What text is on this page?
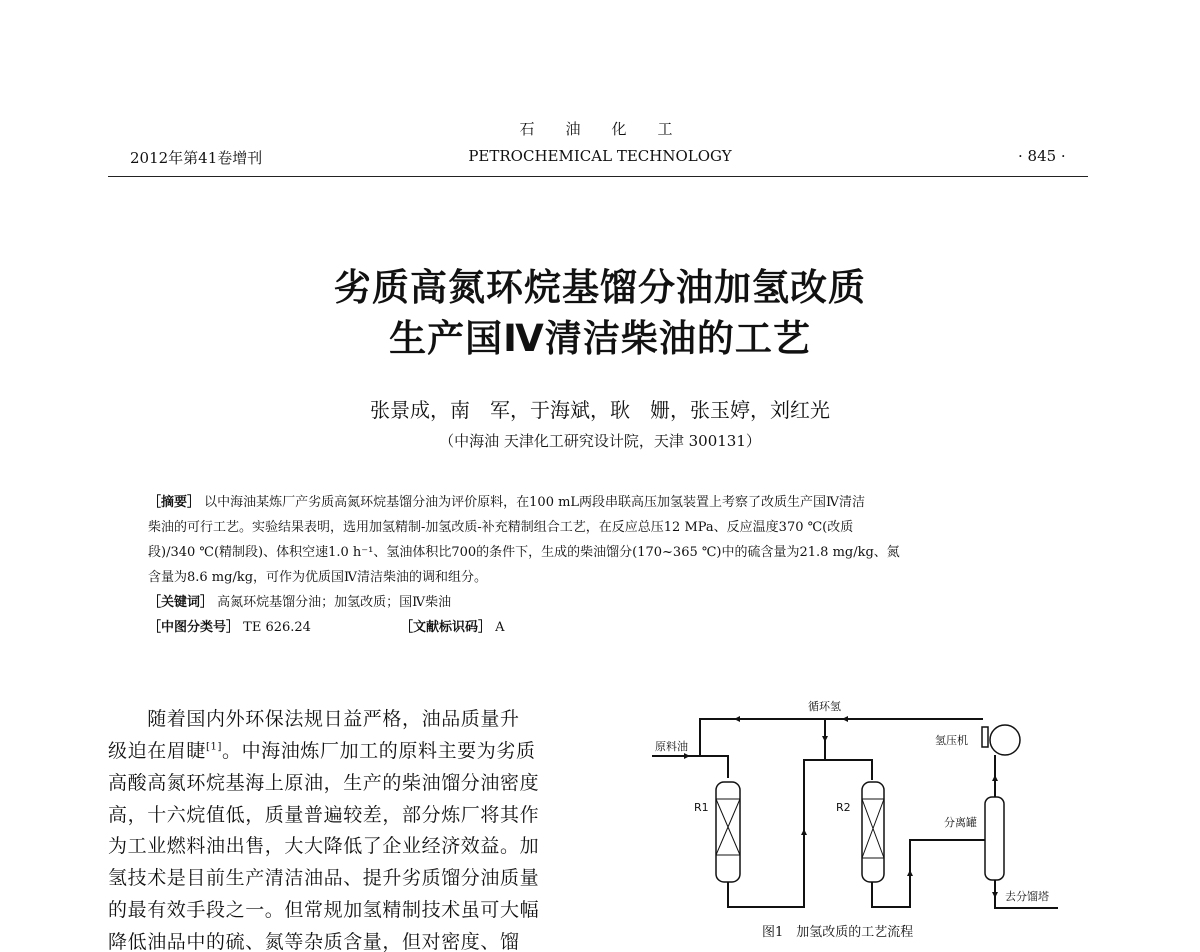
石　油　化　工
2012年第41卷增刊	PETROCHEMICAL TECHNOLOGY	· 845 ·
劣质高氮环烷基馏分油加氢改质
生产国Ⅳ清洁柴油的工艺
张景成，南　军，于海斌，耿　姗，张玉婷，刘红光
（中海油 天津化工研究设计院，天津 300131）
［摘要］ 以中海油某炼厂产劣质高氮环烷基馏分油为评价原料，在100 mL两段串联高压加氢装置上考察了改质生产国Ⅳ清洁
柴油的可行工艺。实验结果表明，选用加氢精制-加氢改质-补充精制组合工艺，在反应总压12 MPa、反应温度370 ℃(改质
段)/340 ℃(精制段)、体积空速1.0 h⁻¹、氢油体积比700的条件下，生成的柴油馏分(170~365 ℃)中的硫含量为21.8 mg/kg、氮
含量为8.6 mg/kg，可作为优质国Ⅳ清洁柴油的调和组分。
［关键词］ 高氮环烷基馏分油；加氢改质；国Ⅳ柴油
［中图分类号］ TE 626.24	［文献标识码］ A
　　随着国内外环保法规日益严格，油品质量升
级迫在眉睫[1]。中海油炼厂加工的原料主要为劣质
高酸高氮环烷基海上原油，生产的柴油馏分油密度
高，十六烷值低，质量普遍较差，部分炼厂将其作
为工业燃料油出售，大大降低了企业经济效益。加
氢技术是目前生产清洁油品、提升劣质馏分油质量
的最有效手段之一。但常规加氢精制技术虽可大幅
降低油品中的硫、氮等杂质含量，但对密度、馏
循环氢
原料油	氢压机
R1	R2
分离罐
去分馏塔
图1　加氢改质的工艺流程
